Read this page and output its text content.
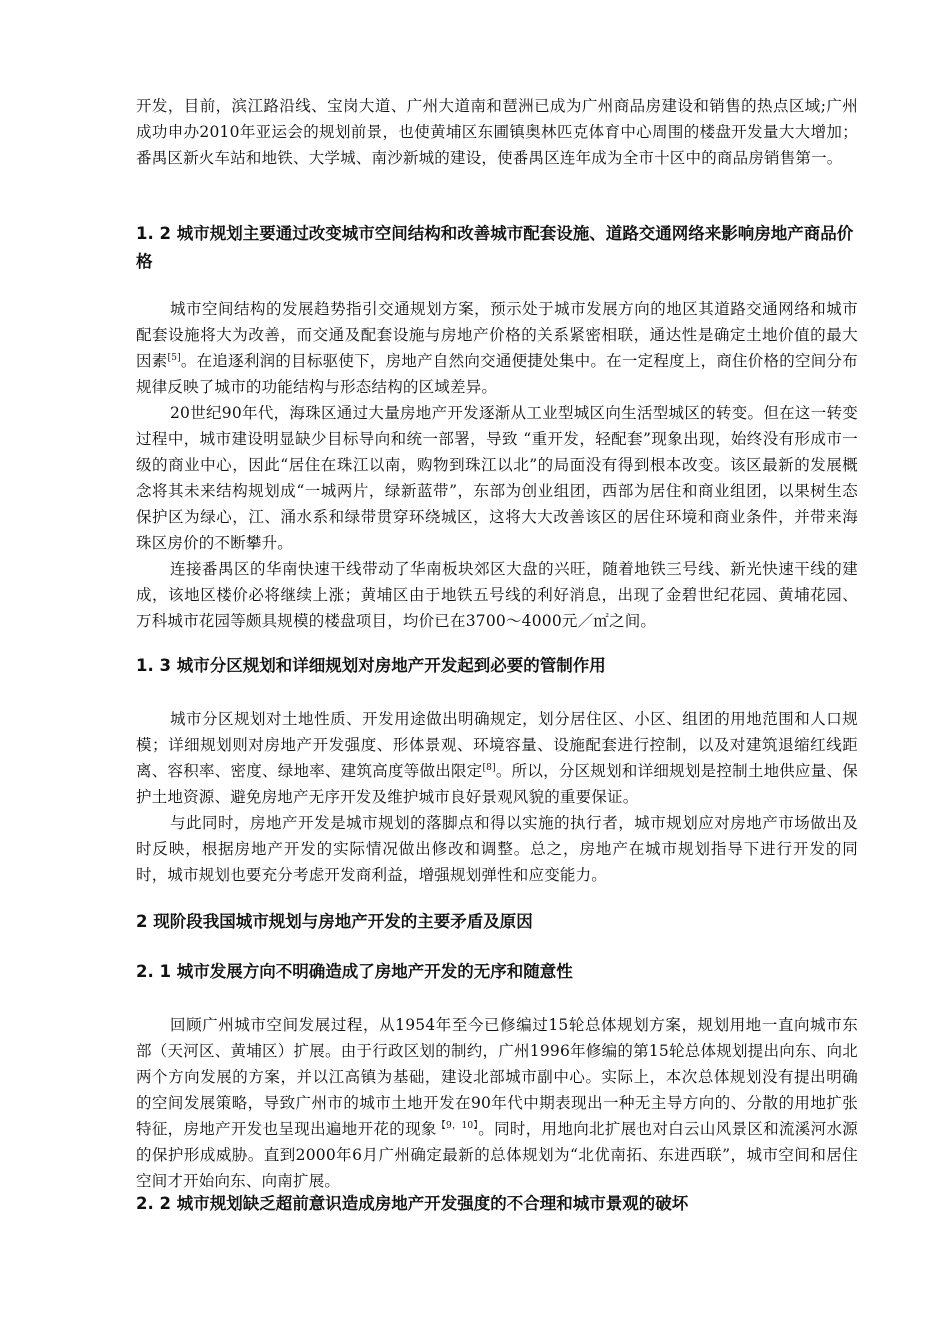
开发，目前，滨江路沿线、宝岗大道、广州大道南和琶洲已成为广州商品房建设和销售的热点区域;广州成功申办2010年亚运会的规划前景，也使黄埔区东圃镇奥林匹克体育中心周围的楼盘开发量大大增加；番禺区新火车站和地铁、大学城、南沙新城的建设，使番禺区连年成为全市十区中的商品房销售第一。

1. 2 城市规划主要通过改变城市空间结构和改善城市配套设施、道路交通网络来影响房地产商品价格

城市空间结构的发展趋势指引交通规划方案，预示处于城市发展方向的地区其道路交通网络和城市配套设施将大为改善，而交通及配套设施与房地产价格的关系紧密相联，通达性是确定土地价值的最大因素[5]。在追逐利润的目标驱使下，房地产自然向交通便捷处集中。在一定程度上，商住价格的空间分布规律反映了城市的功能结构与形态结构的区域差异。

20世纪90年代，海珠区通过大量房地产开发逐渐从工业型城区向生活型城区的转变。但在这一转变过程中，城市建设明显缺少目标导向和统一部署，导致 “重开发，轻配套”现象出现，始终没有形成市一级的商业中心，因此“居住在珠江以南，购物到珠江以北”的局面没有得到根本改变。该区最新的发展概念将其未来结构规划成“一城两片，绿新蓝带”，东部为创业组团，西部为居住和商业组团，以果树生态保护区为绿心，江、涌水系和绿带贯穿环绕城区，这将大大改善该区的居住环境和商业条件，并带来海珠区房价的不断攀升。

连接番禺区的华南快速干线带动了华南板块郊区大盘的兴旺，随着地铁三号线、新光快速干线的建成，该地区楼价必将继续上涨；黄埔区由于地铁五号线的利好消息，出现了金碧世纪花园、黄埔花园、万科城市花园等颇具规模的楼盘项目，均价已在3700～4000元／㎡之间。

1. 3 城市分区规划和详细规划对房地产开发起到必要的管制作用

城市分区规划对土地性质、开发用途做出明确规定，划分居住区、小区、组团的用地范围和人口规模；详细规划则对房地产开发强度、形体景观、环境容量、设施配套进行控制，以及对建筑退缩红线距离、容积率、密度、绿地率、建筑高度等做出限定[8]。所以，分区规划和详细规划是控制土地供应量、保护土地资源、避免房地产无序开发及维护城市良好景观风貌的重要保证。

与此同时，房地产开发是城市规划的落脚点和得以实施的执行者，城市规划应对房地产市场做出及时反映，根据房地产开发的实际情况做出修改和调整。总之，房地产在城市规划指导下进行开发的同时，城市规划也要充分考虑开发商利益，增强规划弹性和应变能力。

2 现阶段我国城市规划与房地产开发的主要矛盾及原因
2. 1 城市发展方向不明确造成了房地产开发的无序和随意性

回顾广州城市空间发展过程，从1954年至今已修编过15轮总体规划方案，规划用地一直向城市东部（天河区、黄埔区）扩展。由于行政区划的制约，广州1996年修编的第15轮总体规划提出向东、向北两个方向发展的方案，并以江高镇为基础，建设北部城市副中心。实际上，本次总体规划没有提出明确的空间发展策略，导致广州市的城市土地开发在90年代中期表现出一种无主导方向的、分散的用地扩张特征，房地产开发也呈现出遍地开花的现象$^{【9,10】}$。同时，用地向北扩展也对白云山风景区和流溪河水源的保护形成威胁。直到2000年6月广州确定最新的总体规划为“北优南拓、东进西联”，城市空间和居住空间才开始向东、向南扩展。

2. 2 城市规划缺乏超前意识造成房地产开发强度的不合理和城市景观的破坏
